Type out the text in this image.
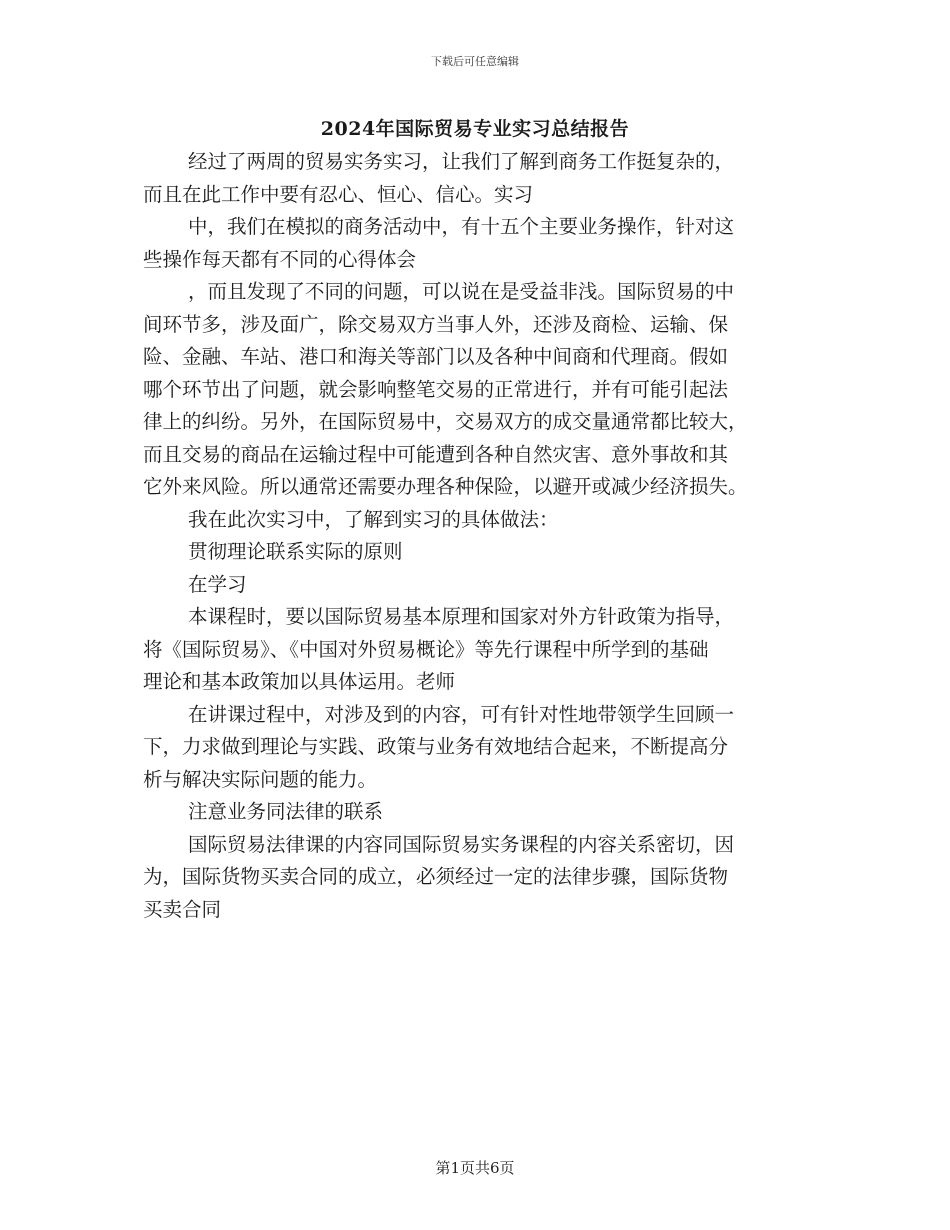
下载后可任意编辑
2024年国际贸易专业实习总结报告
经过了两周的贸易实务实习，让我们了解到商务工作挺复杂的，
而且在此工作中要有忍心、恒心、信心。实习
中，我们在模拟的商务活动中，有十五个主要业务操作，针对这
些操作每天都有不同的心得体会
，而且发现了不同的问题，可以说在是受益非浅。国际贸易的中
间环节多，涉及面广，除交易双方当事人外，还涉及商检、运输、保
险、金融、车站、港口和海关等部门以及各种中间商和代理商。假如
哪个环节出了问题，就会影响整笔交易的正常进行，并有可能引起法
律上的纠纷。另外，在国际贸易中，交易双方的成交量通常都比较大，
而且交易的商品在运输过程中可能遭到各种自然灾害、意外事故和其
它外来风险。所以通常还需要办理各种保险，以避开或减少经济损失。
我在此次实习中，了解到实习的具体做法：
贯彻理论联系实际的原则
在学习
本课程时，要以国际贸易基本原理和国家对外方针政策为指导，
将《国际贸易》、《中国对外贸易概论》等先行课程中所学到的基础
理论和基本政策加以具体运用。老师
在讲课过程中，对涉及到的内容，可有针对性地带领学生回顾一
下，力求做到理论与实践、政策与业务有效地结合起来，不断提高分
析与解决实际问题的能力。
注意业务同法律的联系
国际贸易法律课的内容同国际贸易实务课程的内容关系密切，因
为，国际货物买卖合同的成立，必须经过一定的法律步骤，国际货物
买卖合同
第1页共6页
